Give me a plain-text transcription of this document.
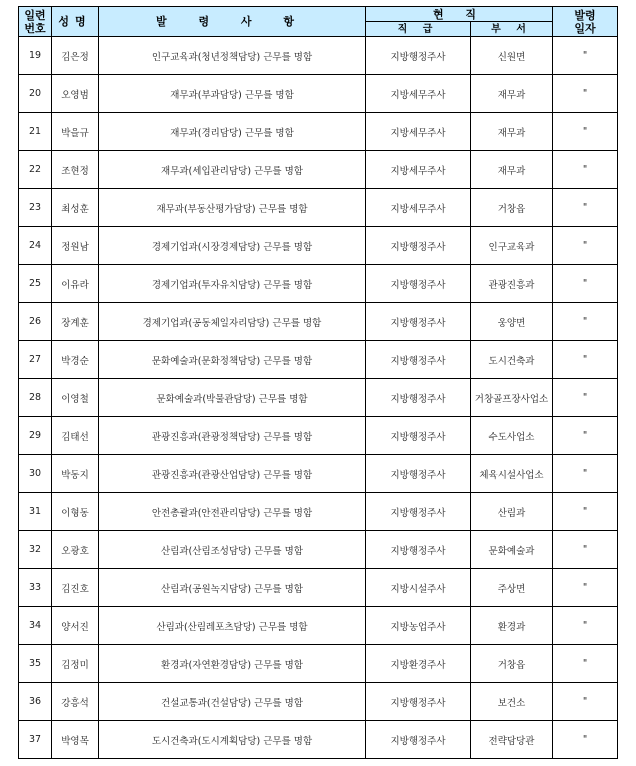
일련
번호	성명	발 령 사 항	현 직		발령
일자
			직 급	부 서	
19	김은정	인구교육과(청년정책담당) 근무를 명함	지방행정주사	신원면	"
20	오영범	재무과(부과담당) 근무를 명함	지방세무주사	재무과	"
21	박을규	재무과(경리담당) 근무를 명함	지방세무주사	재무과	"
22	조현정	재무과(세입관리담당) 근무를 명함	지방세무주사	재무과	"
23	최성훈	재무과(부동산평가담당) 근무를 명함	지방세무주사	거창읍	"
24	정원남	경제기업과(시장경제담당) 근무를 명함	지방행정주사	인구교육과	"
25	이유라	경제기업과(투자유치담당) 근무를 명함	지방행정주사	관광진흥과	"
26	장계훈	경제기업과(공동체일자리담당) 근무를 명함	지방행정주사	웅양면	"
27	박경순	문화예술과(문화정책담당) 근무를 명함	지방행정주사	도시건축과	"
28	이영철	문화예술과(박물관담당) 근무를 명함	지방행정주사	거창골프장사업소	"
29	김태선	관광진흥과(관광정책담당) 근무를 명함	지방행정주사	수도사업소	"
30	박동지	관광진흥과(관광산업담당) 근무를 명함	지방행정주사	체육시설사업소	"
31	이형동	안전총괄과(안전관리담당) 근무를 명함	지방행정주사	산림과	"
32	오광호	산림과(산림조성담당) 근무를 명함	지방행정주사	문화예술과	"
33	김진호	산림과(공원녹지담당) 근무를 명함	지방시설주사	주상면	"
34	양서진	산림과(산림레포츠담당) 근무를 명함	지방농업주사	환경과	"
35	김정미	환경과(자연환경담당) 근무를 명함	지방환경주사	거창읍	"
36	강흥석	건설교통과(건설담당) 근무를 명함	지방행정주사	보건소	"
37	박영목	도시건축과(도시계획담당) 근무를 명함	지방행정주사	전략담당관	"
